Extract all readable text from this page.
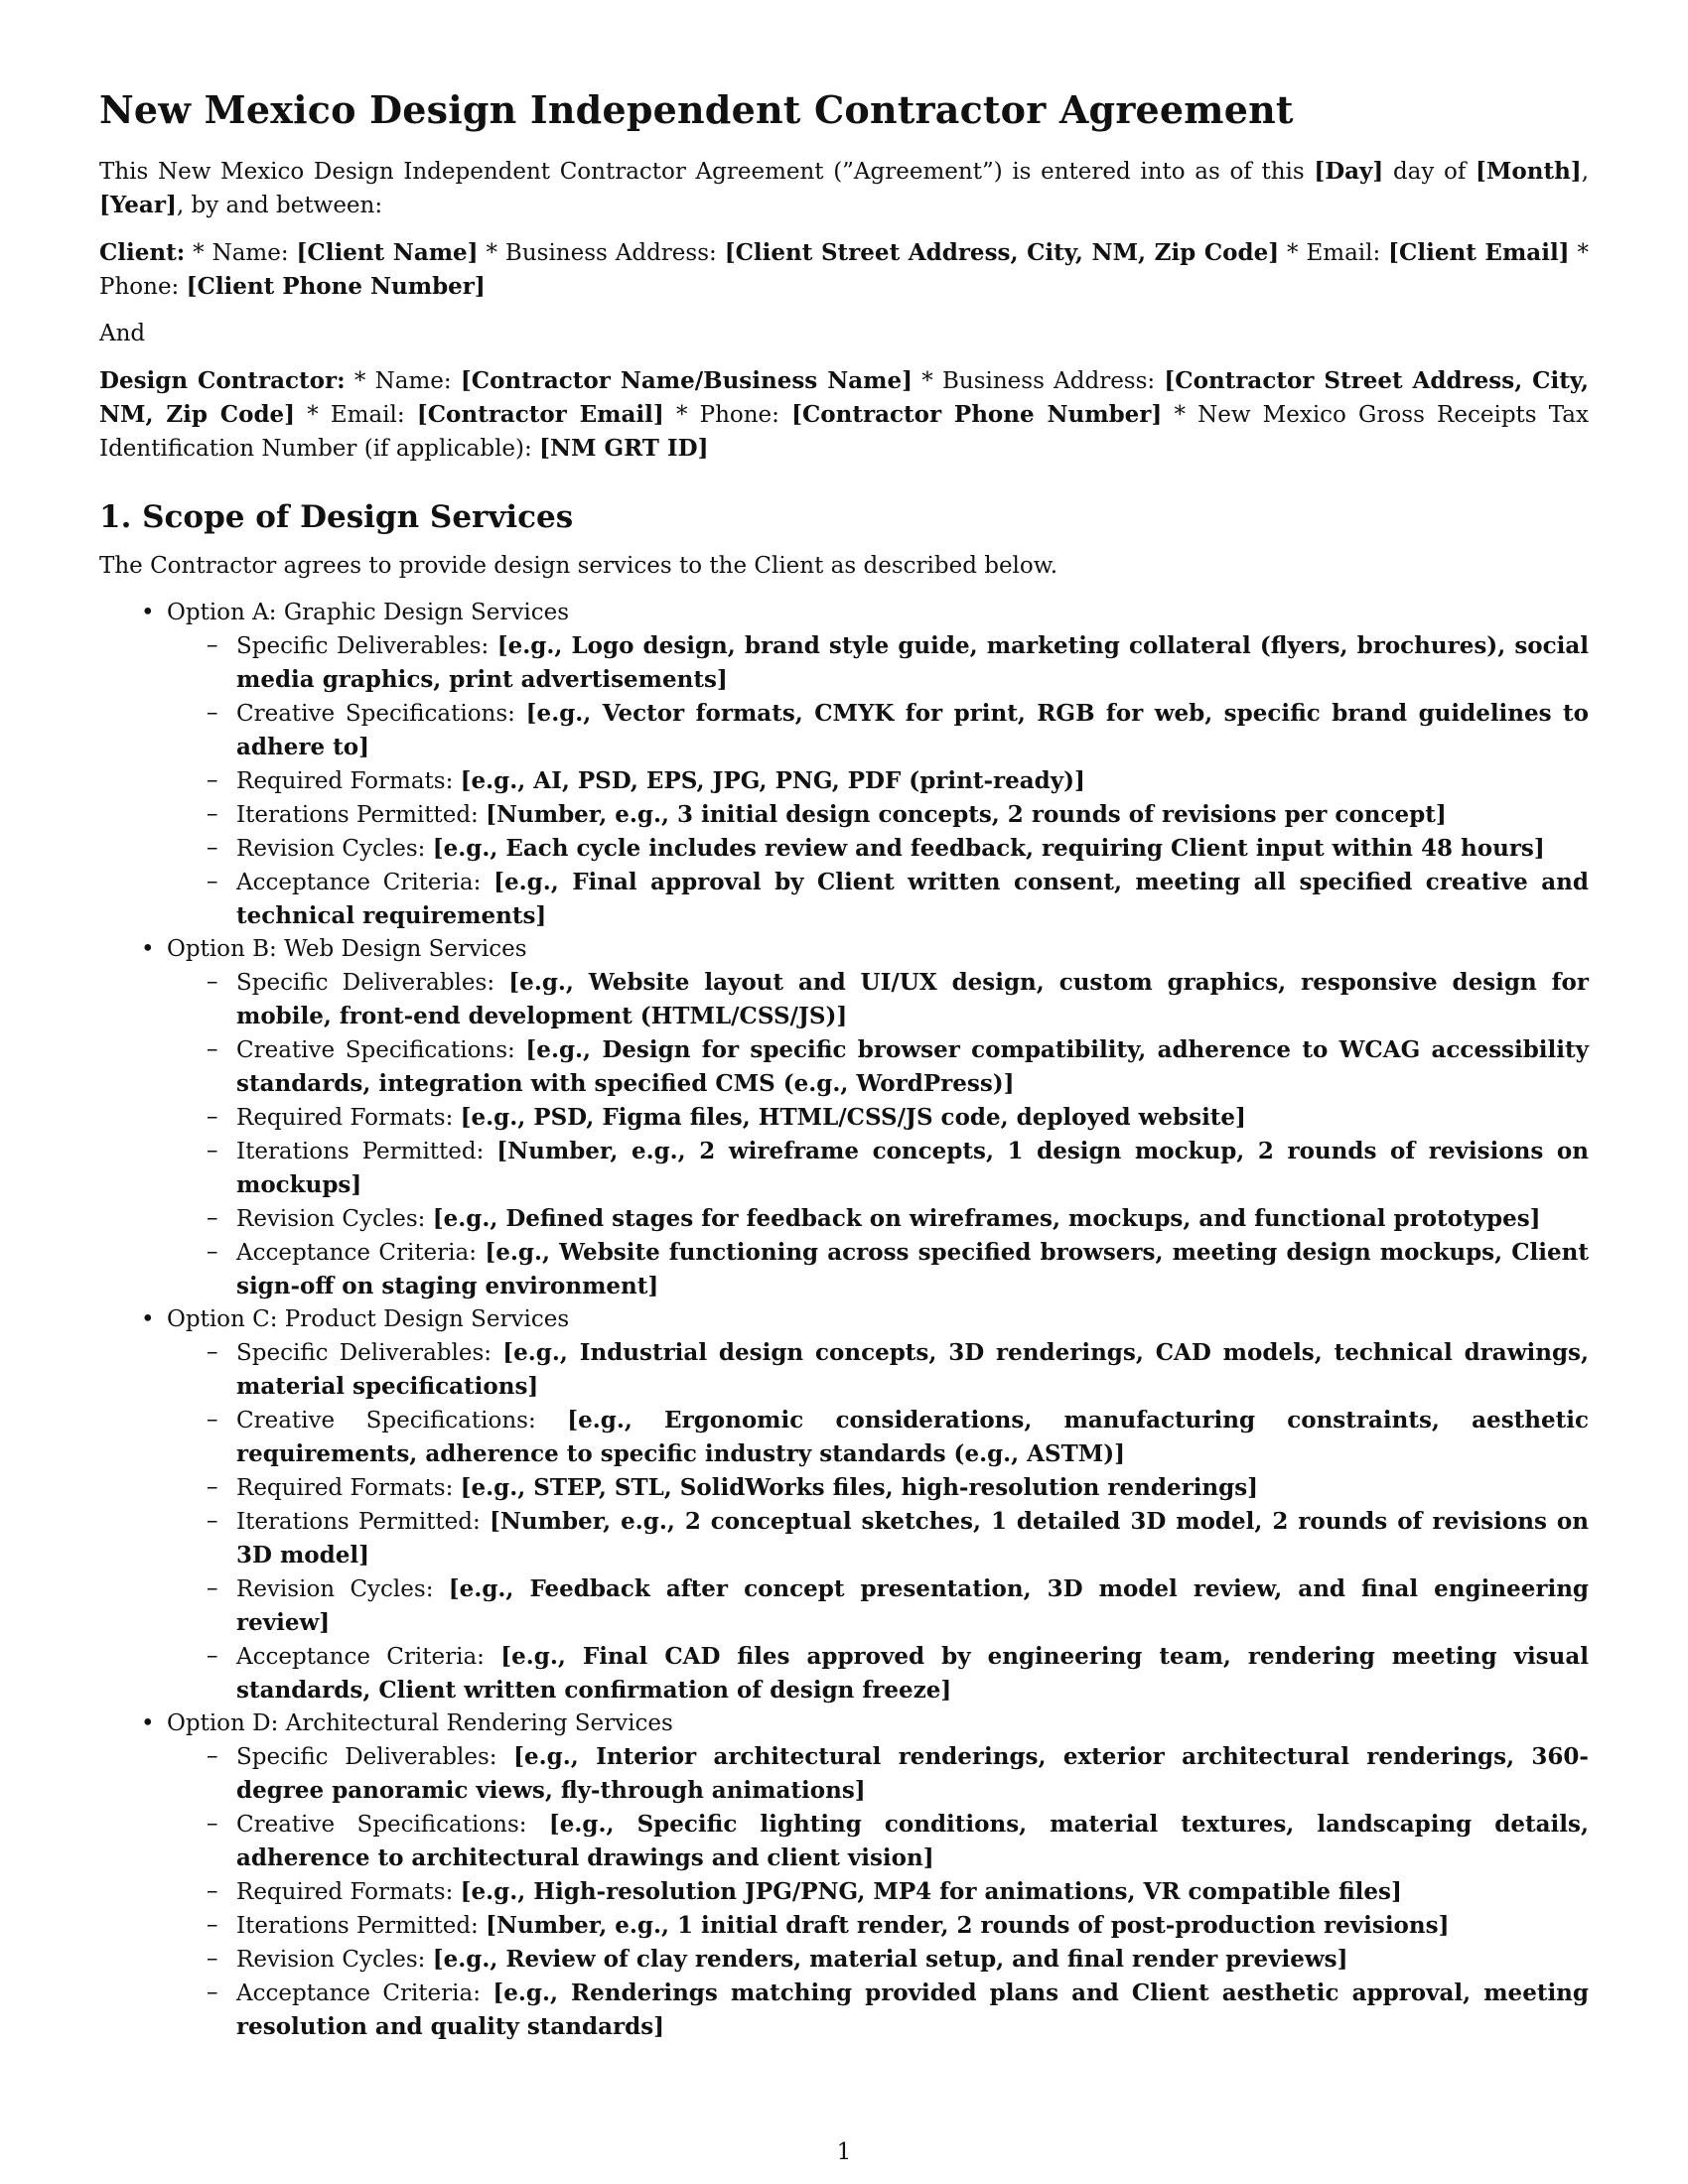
New Mexico Design Independent Contractor Agreement

This New Mexico Design Independent Contractor Agreement (”Agreement”) is entered into as of this [Day] day of [Month], [Year], by and between:

Client: * Name: [Client Name] * Business Address: [Client Street Address, City, NM, Zip Code] * Email: [Client Email] * Phone: [Client Phone Number]

And

Design Contractor: * Name: [Contractor Name/Business Name] * Business Address: [Contractor Street Address, City, NM, Zip Code] * Email: [Contractor Email] * Phone: [Contractor Phone Number] * New Mexico Gross Receipts Tax Identification Number (if applicable): [NM GRT ID]

1. Scope of Design Services

The Contractor agrees to provide design services to the Client as described below.

• Option A: Graphic Design Services
– Specific Deliverables: [e.g., Logo design, brand style guide, marketing collateral (flyers, brochures), social media graphics, print advertisements]
– Creative Specifications: [e.g., Vector formats, CMYK for print, RGB for web, specific brand guidelines to adhere to]
– Required Formats: [e.g., AI, PSD, EPS, JPG, PNG, PDF (print-ready)]
– Iterations Permitted: [Number, e.g., 3 initial design concepts, 2 rounds of revisions per concept]
– Revision Cycles: [e.g., Each cycle includes review and feedback, requiring Client input within 48 hours]
– Acceptance Criteria: [e.g., Final approval by Client written consent, meeting all specified creative and technical requirements]
• Option B: Web Design Services
– Specific Deliverables: [e.g., Website layout and UI/UX design, custom graphics, responsive design for mobile, front-end development (HTML/CSS/JS)]
– Creative Specifications: [e.g., Design for specific browser compatibility, adherence to WCAG accessibility standards, integration with specified CMS (e.g., WordPress)]
– Required Formats: [e.g., PSD, Figma files, HTML/CSS/JS code, deployed website]
– Iterations Permitted: [Number, e.g., 2 wireframe concepts, 1 design mockup, 2 rounds of revisions on mockups]
– Revision Cycles: [e.g., Defined stages for feedback on wireframes, mockups, and functional prototypes]
– Acceptance Criteria: [e.g., Website functioning across specified browsers, meeting design mockups, Client sign-off on staging environment]
• Option C: Product Design Services
– Specific Deliverables: [e.g., Industrial design concepts, 3D renderings, CAD models, technical drawings, material specifications]
– Creative Specifications: [e.g., Ergonomic considerations, manufacturing constraints, aesthetic requirements, adherence to specific industry standards (e.g., ASTM)]
– Required Formats: [e.g., STEP, STL, SolidWorks files, high-resolution renderings]
– Iterations Permitted: [Number, e.g., 2 conceptual sketches, 1 detailed 3D model, 2 rounds of revisions on 3D model]
– Revision Cycles: [e.g., Feedback after concept presentation, 3D model review, and final engineering review]
– Acceptance Criteria: [e.g., Final CAD files approved by engineering team, rendering meeting visual standards, Client written confirmation of design freeze]
• Option D: Architectural Rendering Services
– Specific Deliverables: [e.g., Interior architectural renderings, exterior architectural renderings, 360-degree panoramic views, fly-through animations]
– Creative Specifications: [e.g., Specific lighting conditions, material textures, landscaping details, adherence to architectural drawings and client vision]
– Required Formats: [e.g., High-resolution JPG/PNG, MP4 for animations, VR compatible files]
– Iterations Permitted: [Number, e.g., 1 initial draft render, 2 rounds of post-production revisions]
– Revision Cycles: [e.g., Review of clay renders, material setup, and final render previews]
– Acceptance Criteria: [e.g., Renderings matching provided plans and Client aesthetic approval, meeting resolution and quality standards]
1
